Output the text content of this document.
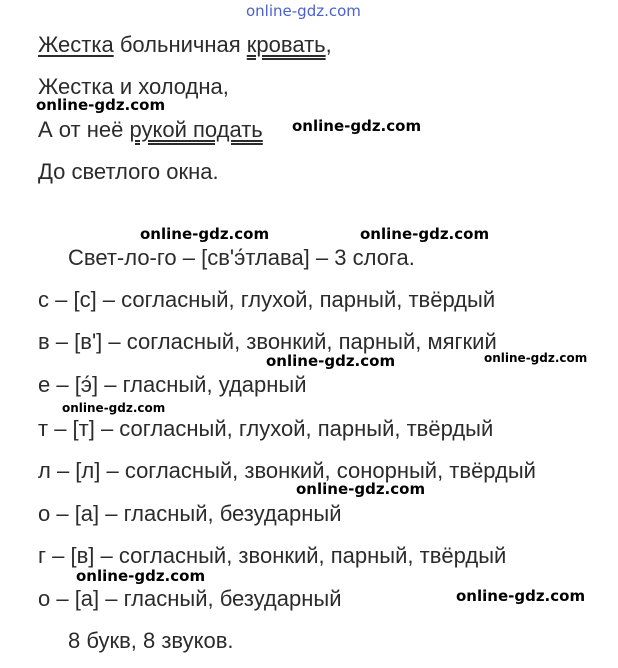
online-gdz.com
Жестка больничная кровать,
Жестка и холодна,
А от неё рукой подать
До светлого окна.
Свет-ло-го – [св'э́тлава] – 3 слога.
с – [с] – согласный, глухой, парный, твёрдый
в – [в'] – согласный, звонкий, парный, мягкий
е – [э́] – гласный, ударный
т – [т] – согласный, глухой, парный, твёрдый
л – [л] – согласный, звонкий, сонорный, твёрдый
о – [а] – гласный, безударный
г – [в] – согласный, звонкий, парный, твёрдый
о – [а] – гласный, безударный
8 букв, 8 звуков.
online-gdz.com
online-gdz.com
online-gdz.com	online-gdz.com
online-gdz.com	online-gdz.com
online-gdz.com
online-gdz.com
online-gdz.com
online-gdz.com
